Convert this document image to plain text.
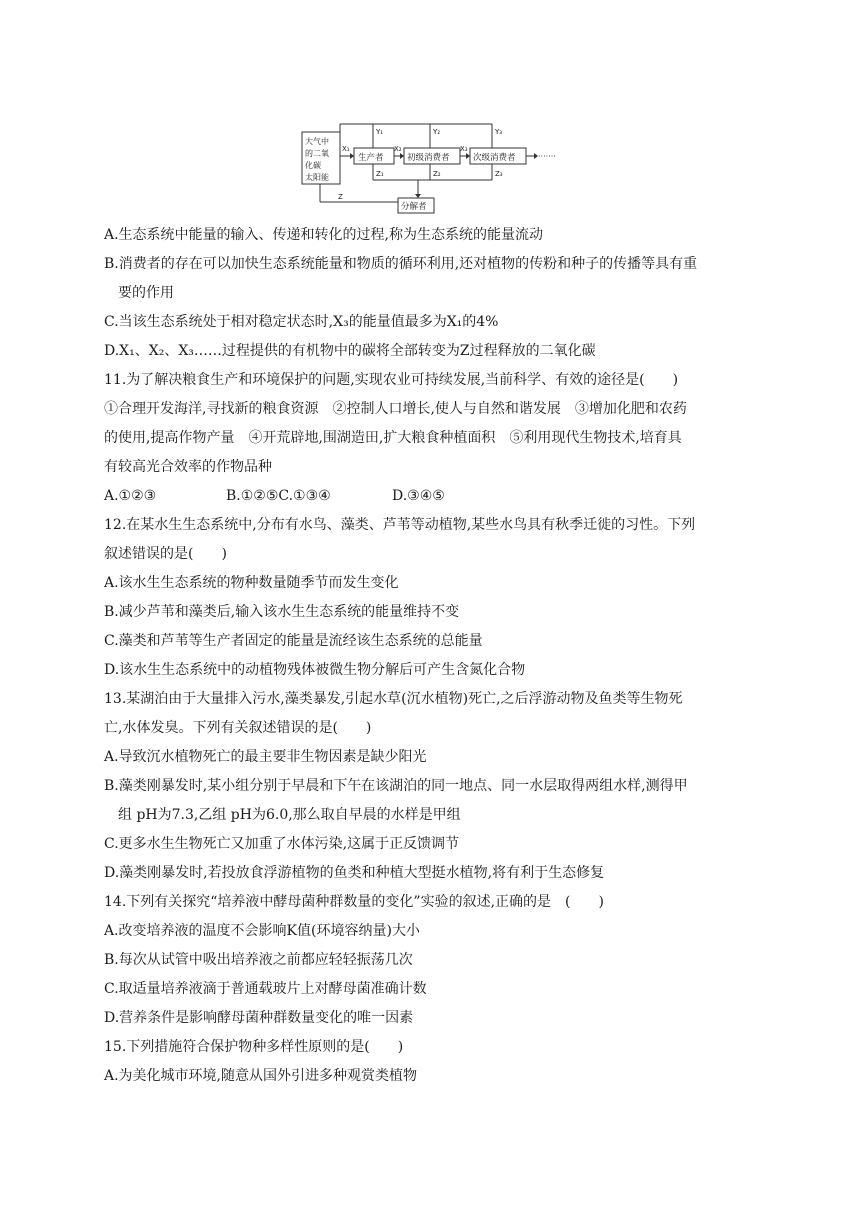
大气中
的二氧
化碳
太阳能
Y₁	Y₂	Y₃
X₁
生产者
X₂
初级消费者
X₃
次级消费者	·······
Z₁	Z₂	Z₃
Z
分解者
A.生态系统中能量的输入、传递和转化的过程,称为生态系统的能量流动
B.消费者的存在可以加快生态系统能量和物质的循环利用,还对植物的传粉和种子的传播等具有重
要的作用
C.当该生态系统处于相对稳定状态时,X₃的能量值最多为X₁的4%
D.X₁、X₂、X₃……过程提供的有机物中的碳将全部转变为Z过程释放的二氧化碳
11.为了解决粮食生产和环境保护的问题,实现农业可持续发展,当前科学、有效的途径是(　　)
①合理开发海洋,寻找新的粮食资源　②控制人口增长,使人与自然和谐发展　③增加化肥和农药
的使用,提高作物产量　④开荒辟地,围湖造田,扩大粮食种植面积　⑤利用现代生物技术,培育具
有较高光合效率的作物品种
A.①②③	B.①②⑤C.①③④	D.③④⑤
12.在某水生生态系统中,分布有水鸟、藻类、芦苇等动植物,某些水鸟具有秋季迁徙的习性。下列
叙述错误的是(　　)
A.该水生生态系统的物种数量随季节而发生变化
B.减少芦苇和藻类后,输入该水生生态系统的能量维持不变
C.藻类和芦苇等生产者固定的能量是流经该生态系统的总能量
D.该水生生态系统中的动植物残体被微生物分解后可产生含氮化合物
13.某湖泊由于大量排入污水,藻类暴发,引起水草(沉水植物)死亡,之后浮游动物及鱼类等生物死
亡,水体发臭。下列有关叙述错误的是(　　)
A.导致沉水植物死亡的最主要非生物因素是缺少阳光
B.藻类刚暴发时,某小组分别于早晨和下午在该湖泊的同一地点、同一水层取得两组水样,测得甲
组 pH为7.3,乙组 pH为6.0,那么取自早晨的水样是甲组
C.更多水生生物死亡又加重了水体污染,这属于正反馈调节
D.藻类刚暴发时,若投放食浮游植物的鱼类和种植大型挺水植物,将有利于生态修复
14.下列有关探究“培养液中酵母菌种群数量的变化”实验的叙述,正确的是　(　　)
A.改变培养液的温度不会影响K值(环境容纳量)大小
B.每次从试管中吸出培养液之前都应轻轻振荡几次
C.取适量培养液滴于普通载玻片上对酵母菌准确计数
D.营养条件是影响酵母菌种群数量变化的唯一因素
15.下列措施符合保护物种多样性原则的是(　　)
A.为美化城市环境,随意从国外引进多种观赏类植物
